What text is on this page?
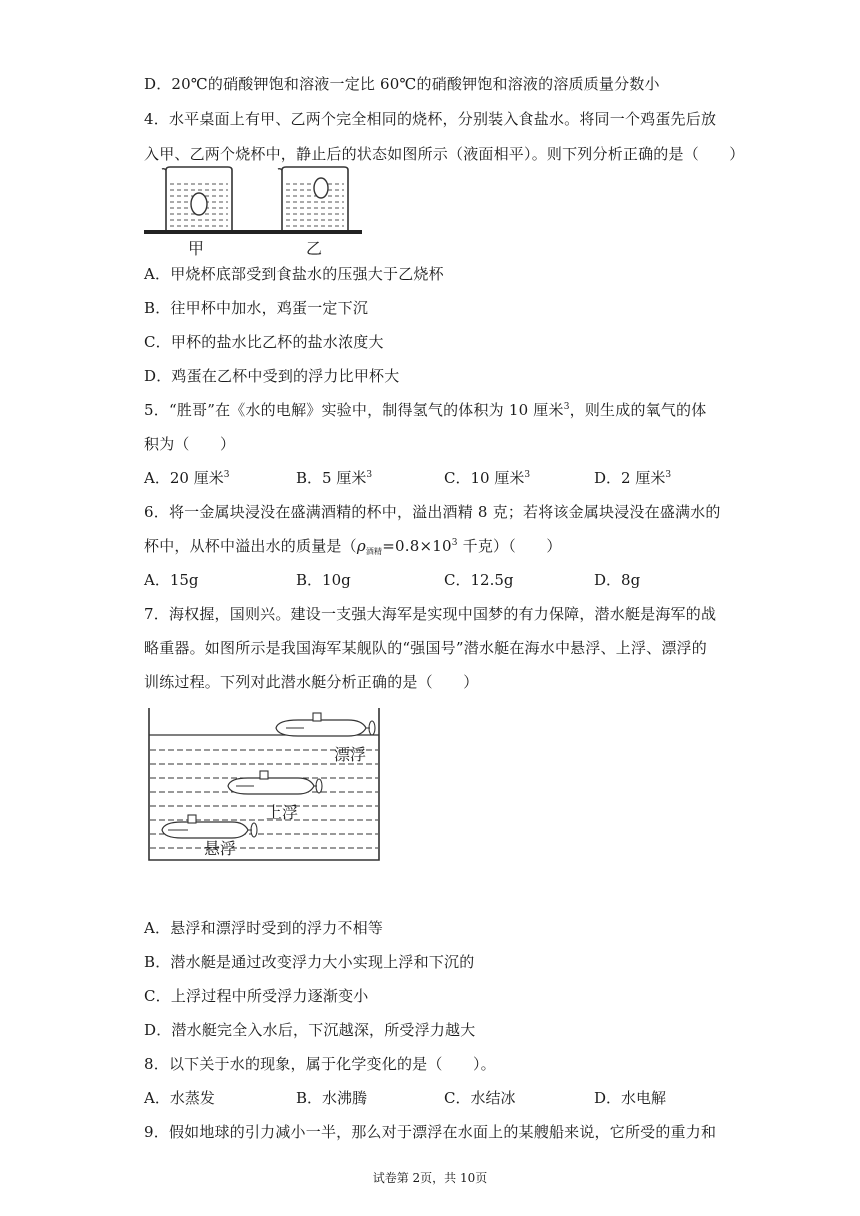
D．20℃的硝酸钾饱和溶液一定比 60℃的硝酸钾饱和溶液的溶质质量分数小
4．水平桌面上有甲、乙两个完全相同的烧杯，分别装入食盐水。将同一个鸡蛋先后放
入甲、乙两个烧杯中，静止后的状态如图所示（液面相平）。则下列分析正确的是（　　）
甲	乙
A．甲烧杯底部受到食盐水的压强大于乙烧杯
B．往甲杯中加水，鸡蛋一定下沉
C．甲杯的盐水比乙杯的盐水浓度大
D．鸡蛋在乙杯中受到的浮力比甲杯大
5．“胜哥”在《水的电解》实验中，制得氢气的体积为 10 厘米$^3$，则生成的氧气的体
积为（　　）
A．20 厘米$^3$	B．5 厘米$^3$	C．10 厘米$^3$	D．2 厘米$^3$
6．将一金属块浸没在盛满酒精的杯中，溢出酒精 8 克；若将该金属块浸没在盛满水的
杯中，从杯中溢出水的质量是（$\rho_{酒精}=0.8\times 10^3$ 千克）（　　）
A．15g	B．10g	C．12.5g	D．8g
7．海权握，国则兴。建设一支强大海军是实现中国梦的有力保障，潜水艇是海军的战
略重器。如图所示是我国海军某舰队的“强国号”潜水艇在海水中悬浮、上浮、漂浮的
训练过程。下列对此潜水艇分析正确的是（　　）
漂浮
上浮
悬浮
A．悬浮和漂浮时受到的浮力不相等
B．潜水艇是通过改变浮力大小实现上浮和下沉的
C．上浮过程中所受浮力逐渐变小
D．潜水艇完全入水后，下沉越深，所受浮力越大
8．以下关于水的现象，属于化学变化的是（　　）。
A．水蒸发	B．水沸腾	C．水结冰	D．水电解
9．假如地球的引力减小一半，那么对于漂浮在水面上的某艘船来说，它所受的重力和
试卷第 2页，共 10页
